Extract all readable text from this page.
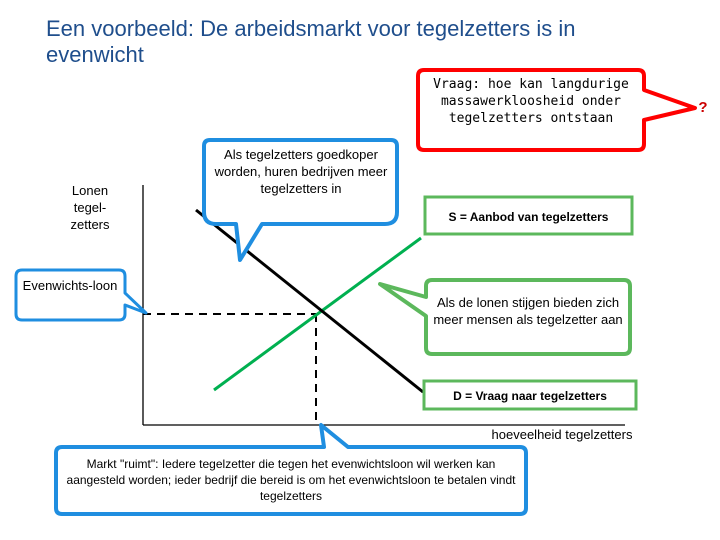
Een voorbeeld: De arbeidsmarkt voor tegelzetters is in evenwicht
Vraag: hoe kan langdurige massawerkloosheid onder tegelzetters ontstaan
?
Lonen tegel-zetters
Evenwichts-loon
Als tegelzetters goedkoper worden, huren bedrijven meer tegelzetters in
S = Aanbod van tegelzetters
Als de lonen stijgen bieden zich meer mensen als tegelzetter aan
D = Vraag naar tegelzetters
hoeveelheid tegelzetters
Markt "ruimt": Iedere tegelzetter die tegen het evenwichtsloon wil werken kan aangesteld worden; ieder bedrijf die bereid is om het evenwichtsloon te betalen vindt tegelzetters
